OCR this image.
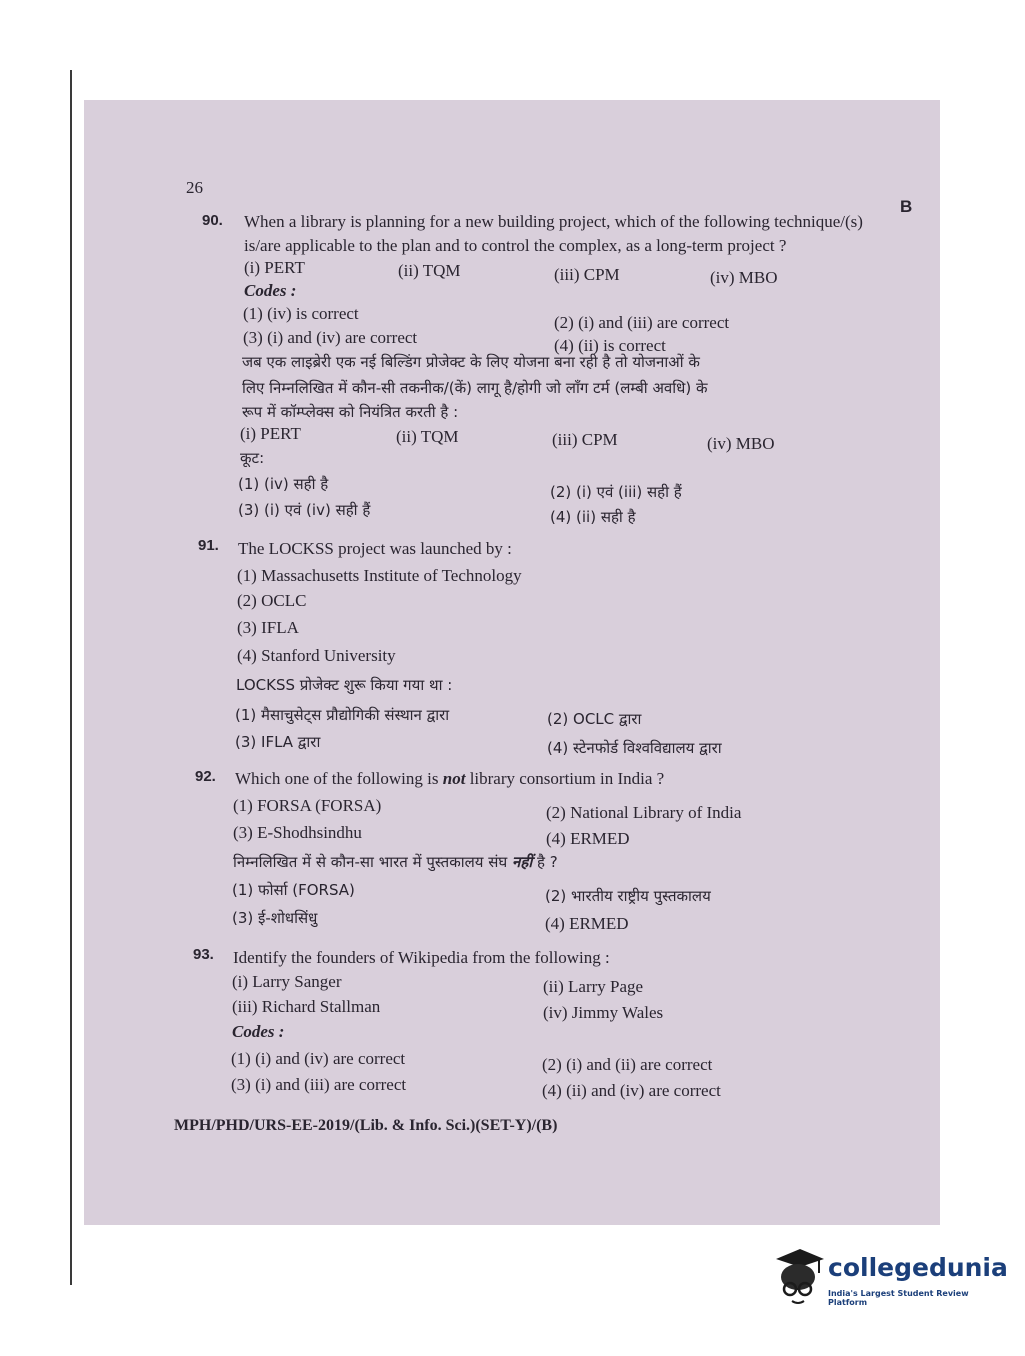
26
B
90. When a library is planning for a new building project, which of the following technique/(s)
is/are applicable to the plan and to control the complex, as a long-term project ?
(i) PERT	(ii) TQM	(iii) CPM	(iv) MBO
Codes :
(1) (iv) is correct	(2) (i) and (iii) are correct
(3) (i) and (iv) are correct	(4) (ii) is correct
जब एक लाइब्रेरी एक नई बिल्डिंग प्रोजेक्ट के लिए योजना बना रही है तो योजनाओं के
लिए निम्नलिखित में कौन-सी तकनीक/(कें) लागू है/होगी जो लॉंग टर्म (लम्बी अवधि) के
रूप में कॉम्प्लेक्स को नियंत्रित करती है :
(i) PERT	(ii) TQM	(iii) CPM	(iv) MBO
कूट:
(1) (iv) सही है	(2) (i) एवं (iii) सही हैं
(3) (i) एवं (iv) सही हैं	(4) (ii) सही है
91. The LOCKSS project was launched by :
(1) Massachusetts Institute of Technology
(2) OCLC
(3) IFLA
(4) Stanford University
LOCKSS प्रोजेक्ट शुरू किया गया था :
(1) मैसाचुसेट्स प्रौद्योगिकी संस्थान द्वारा	(2) OCLC द्वारा
(3) IFLA द्वारा	(4) स्टेनफोर्ड विश्वविद्यालय द्वारा
92. Which one of the following is not library consortium in India ?
(1) FORSA (FORSA)	(2) National Library of India
(3) E-Shodhsindhu	(4) ERMED
निम्नलिखित में से कौन-सा भारत में पुस्तकालय संघ नहीं है ?
(1) फोर्सा (FORSA)	(2) भारतीय राष्ट्रीय पुस्तकालय
(3) ई-शोधसिंधु	(4) ERMED
93. Identify the founders of Wikipedia from the following :
(i) Larry Sanger	(ii) Larry Page
(iii) Richard Stallman	(iv) Jimmy Wales
Codes :
(1) (i) and (iv) are correct	(2) (i) and (ii) are correct
(3) (i) and (iii) are correct	(4) (ii) and (iv) are correct
MPH/PHD/URS-EE-2019/(Lib. & Info. Sci.)(SET-Y)/(B)
collegedunia
India's Largest Student Review Platform
